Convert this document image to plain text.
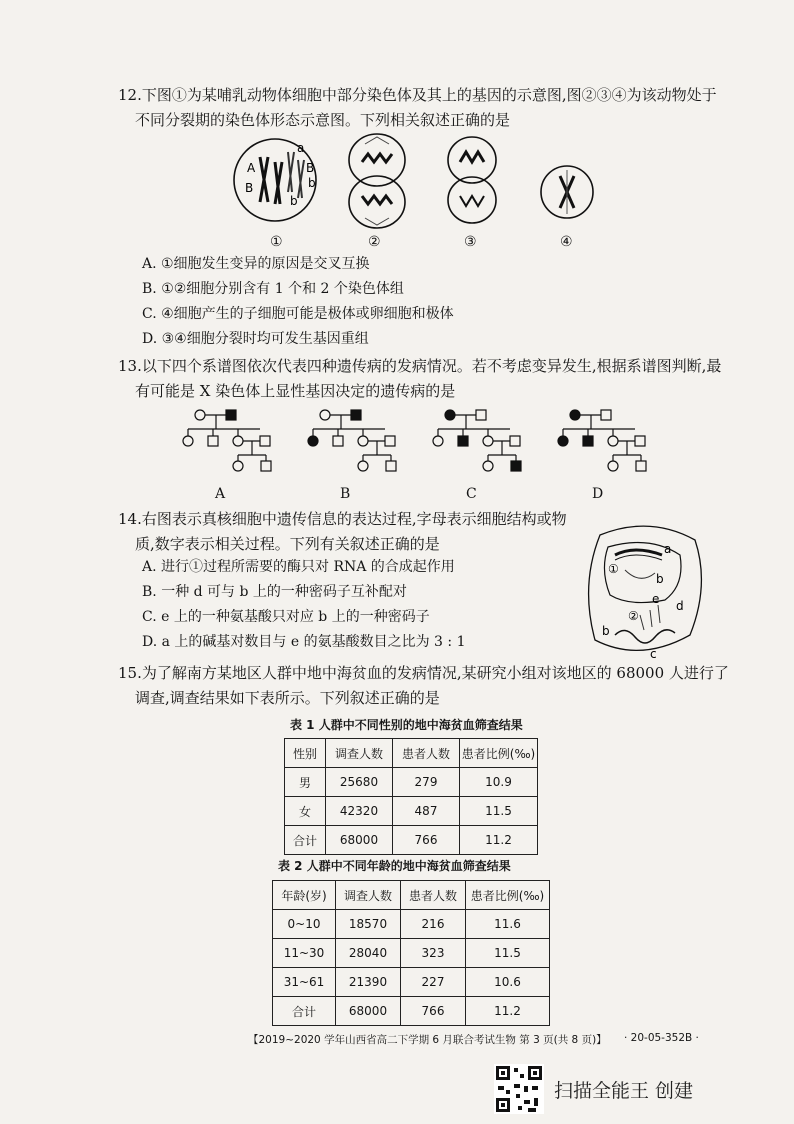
12.下图①为某哺乳动物体细胞中部分染色体及其上的基因的示意图,图②③④为该动物处于
不同分裂期的染色体形态示意图。下列相关叙述正确的是
A
a
B
b
b
B
①	②	③	④
A. ①细胞发生变异的原因是交叉互换
B. ①②细胞分别含有 1 个和 2 个染色体组
C. ④细胞产生的子细胞可能是极体或卵细胞和极体
D. ③④细胞分裂时均可发生基因重组
13.以下四个系谱图依次代表四种遗传病的发病情况。若不考虑变异发生,根据系谱图判断,最
有可能是 X 染色体上显性基因决定的遗传病的是
A	B	C	D
14.右图表示真核细胞中遗传信息的表达过程,字母表示细胞结构或物
质,数字表示相关过程。下列有关叙述正确的是
A. 进行①过程所需要的酶只对 RNA 的合成起作用
B. 一种 d 可与 b 上的一种密码子互补配对
C. e 上的一种氨基酸只对应 b 上的一种密码子
D. a 上的碱基对数目与 e 的氨基酸数目之比为 3 : 1
a
①
b
②
d
e
b
c
15.为了解南方某地区人群中地中海贫血的发病情况,某研究小组对该地区的 68000 人进行了
调查,调查结果如下表所示。下列叙述正确的是
表 1 人群中不同性别的地中海贫血筛查结果
性别	调查人数	患者人数	患者比例(‰)
男	25680	279	10.9
女	42320	487	11.5
合计	68000	766	11.2
表 2 人群中不同年龄的地中海贫血筛查结果
年龄(岁)	调查人数	患者人数	患者比例(‰)
0~10	18570	216	11.6
11~30	28040	323	11.5
31~61	21390	227	10.6
合计	68000	766	11.2
【2019~2020 学年山西省高二下学期 6 月联合考试生物 第 3 页(共 8 页)】 · 20-05-352B ·
扫描全能王 创建
